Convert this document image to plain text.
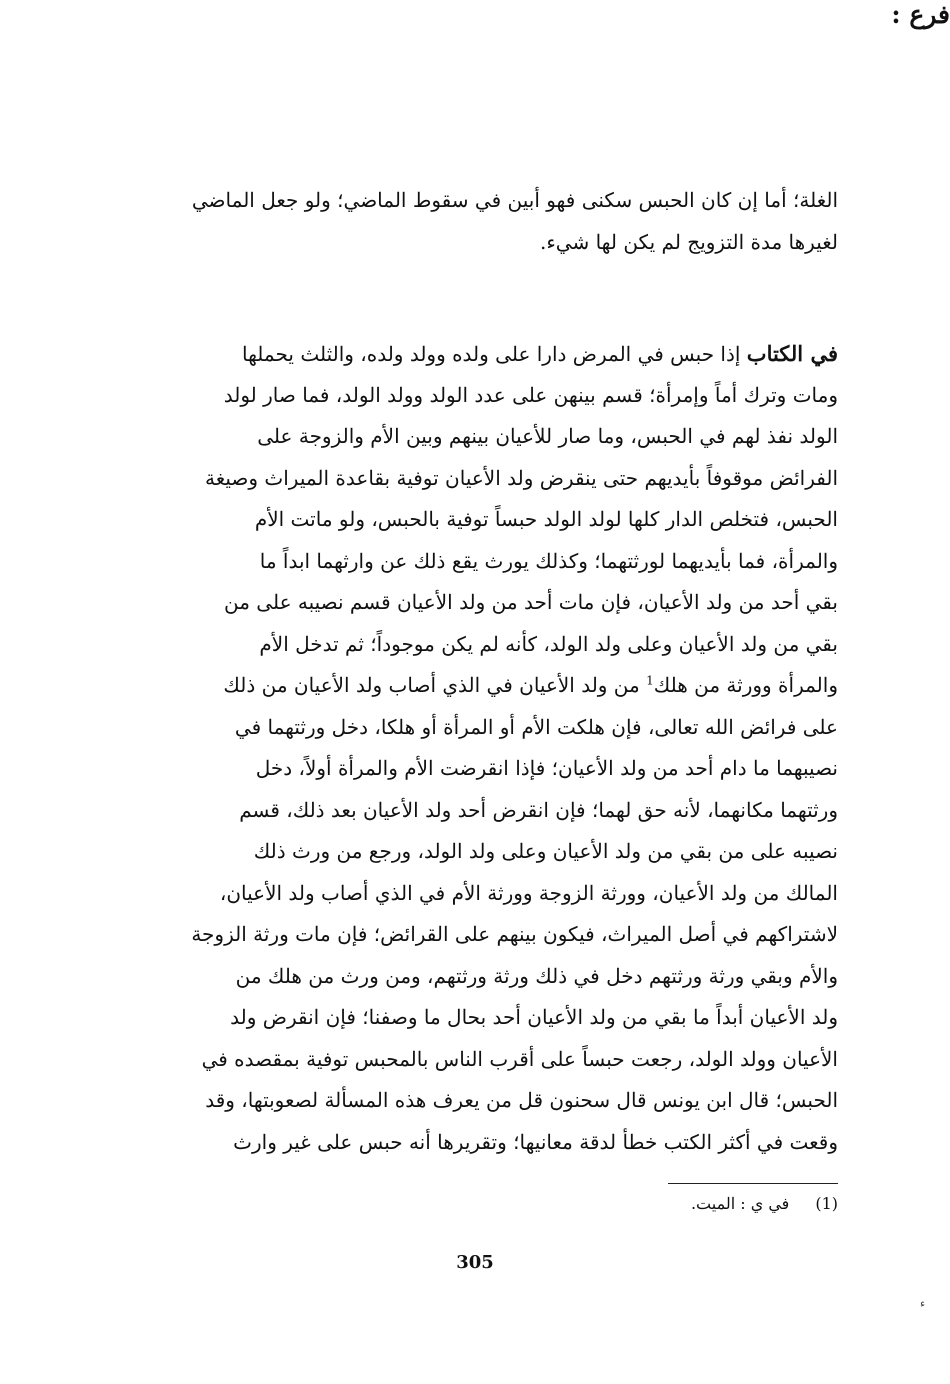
الغلة؛ أما إن كان الحبس سكنى فهو أبين في سقوط الماضي؛ ولو جعل الماضي
لغيرها مدة التزويج لم يكن لها شيء.
فرع :
في الكتاب إذا حبس في المرض دارا على ولده وولد ولده، والثلث يحملها
ومات وترك أماً وإمرأة؛ قسم بينهن على عدد الولد وولد الولد، فما صار لولد
الولد نفذ لهم في الحبس، وما صار للأعيان بينهم وبين الأم والزوجة على
الفرائض موقوفاً بأيديهم حتى ينقرض ولد الأعيان توفية بقاعدة الميراث وصيغة
الحبس، فتخلص الدار كلها لولد الولد حبساً توفية بالحبس، ولو ماتت الأم
والمرأة، فما بأيديهما لورثتهما؛ وكذلك يورث يقع ذلك عن وارثهما ابداً ما
بقي أحد من ولد الأعيان، فإن مات أحد من ولد الأعيان قسم نصيبه على من
بقي من ولد الأعيان وعلى ولد الولد، كأنه لم يكن موجوداً؛ ثم تدخل الأم
والمرأة وورثة من هلك$^1$ من ولد الأعيان في الذي أصاب ولد الأعيان من ذلك
على فرائض الله تعالى، فإن هلكت الأم أو المرأة أو هلكا، دخل ورثتهما في
نصيبهما ما دام أحد من ولد الأعيان؛ فإذا انقرضت الأم والمرأة أولاً، دخل
ورثتهما مكانهما، لأنه حق لهما؛ فإن انقرض أحد ولد الأعيان بعد ذلك، قسم
نصيبه على من بقي من ولد الأعيان وعلى ولد الولد، ورجع من ورث ذلك
المالك من ولد الأعيان، وورثة الزوجة وورثة الأم في الذي أصاب ولد الأعيان،
لاشتراكهم في أصل الميراث، فيكون بينهم على القرائض؛ فإن مات ورثة الزوجة
والأم وبقي ورثة ورثتهم دخل في ذلك ورثة ورثتهم، ومن ورث من هلك من
ولد الأعيان أبداً ما بقي من ولد الأعيان أحد بحال ما وصفنا؛ فإن انقرض ولد
الأعيان وولد الولد، رجعت حبساً على أقرب الناس بالمحبس توفية بمقصده في
الحبس؛ قال ابن يونس قال سحنون قل من يعرف هذه المسألة لصعوبتها، وقد
وقعت في أكثر الكتب خطأ لدقة معانيها؛ وتقريرها أنه حبس على غير وارث
(1)في ي : الميت.
305
ء
